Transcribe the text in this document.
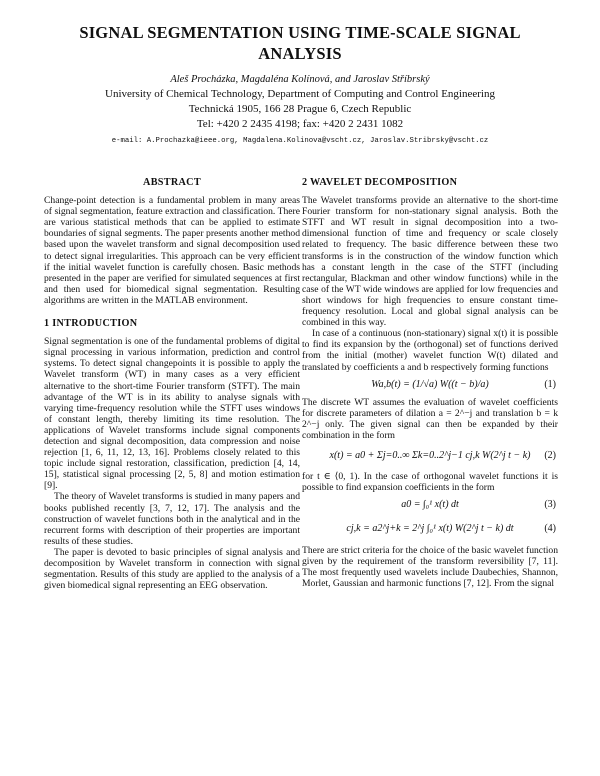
SIGNAL SEGMENTATION USING TIME-SCALE SIGNAL ANALYSIS
Aleš Procházka, Magdaléna Kolínová, and Jaroslav Stříbrský
University of Chemical Technology, Department of Computing and Control Engineering
Technická 1905, 166 28 Prague 6, Czech Republic
Tel: +420 2 2435 4198; fax: +420 2 2431 1082
e-mail: A.Prochazka@ieee.org, Magdalena.Kolinova@vscht.cz, Jaroslav.Stribrsky@vscht.cz
ABSTRACT

Change-point detection is a fundamental problem in many areas of signal segmentation, feature extraction and classification. There are various statistical methods that can be applied to estimate boundaries of signal segments. The paper presents another method based upon the wavelet transform and signal decomposition used to detect signal irregularities. This approach can be very efficient if the initial wavelet function is carefully chosen. Basic methods presented in the paper are verified for simulated sequences at first and then used for biomedical signal segmentation. Resulting algorithms are written in the MATLAB environment.

1 INTRODUCTION

Signal segmentation is one of the fundamental problems of digital signal processing in various information, prediction and control systems. To detect signal changepoints it is possible to apply the Wavelet transform (WT) in many cases as a very efficient alternative to the short-time Fourier transform (STFT). The main advantage of the WT is in its ability to analyse signals with varying time-frequency resolution while the STFT uses windows of constant length, thereby limiting its time resolution. The applications of Wavelet transforms include signal components detection and signal decomposition, data compression and noise rejection [1, 6, 11, 12, 13, 16]. Problems closely related to this topic include signal restoration, classification, prediction [4, 14, 15], statistical signal processing [2, 5, 8] and motion estimation [9].

The theory of Wavelet transforms is studied in many papers and books published recently [3, 7, 12, 17]. The analysis and the construction of wavelet functions both in the analytical and in the recurrent forms with description of their properties are important results of these studies.

The paper is devoted to basic principles of signal analysis and decomposition by Wavelet transform in connection with signal segmentation. Results of this study are applied to the analysis of a given biomedical signal representing an EEG observation.

2 WAVELET DECOMPOSITION

The Wavelet transforms provide an alternative to the short-time Fourier transform for non-stationary signal analysis. Both the STFT and WT result in signal decomposition into a two-dimensional function of time and frequency or scale closely related to frequency. The basic difference between these two transforms is in the construction of the window function which has a constant length in the case of the STFT (including rectangular, Blackman and other window functions) while in the case of the WT wide windows are applied for low frequencies and short windows for high frequencies to ensure constant time-frequency resolution. Local and global signal analysis can be combined in this way.

In case of a continuous (non-stationary) signal x(t) it is possible to find its expansion by the (orthogonal) set of functions derived from the initial (mother) wavelet function W(t) dilated and translated by coefficients a and b respectively forming functions

Wa,b(t) = (1/√a) W((t − b)/a)	(1)

The discrete WT assumes the evaluation of wavelet coefficients for discrete parameters of dilation a = 2^−j and translation b = k 2^−j only. The given signal can then be expanded by their combination in the form

x(t) = a0 + Σj=0..∞ Σk=0..2^j−1 cj,k W(2^j t − k) (2)

for t ∈ ⟨0, 1). In the case of orthogonal wavelet functions it is possible to find expansion coefficients in the form

a0 = ∫₀¹ x(t) dt	(3)
cj,k = a2^j+k = 2^j ∫₀¹ x(t) W(2^j t − k) dt	(4)

There are strict criteria for the choice of the basic wavelet function given by the requirement of the transform reversibility [7, 11]. The most frequently used wavelets include Daubechies, Shannon, Morlet, Gaussian and harmonic functions [7, 12]. From the signal
